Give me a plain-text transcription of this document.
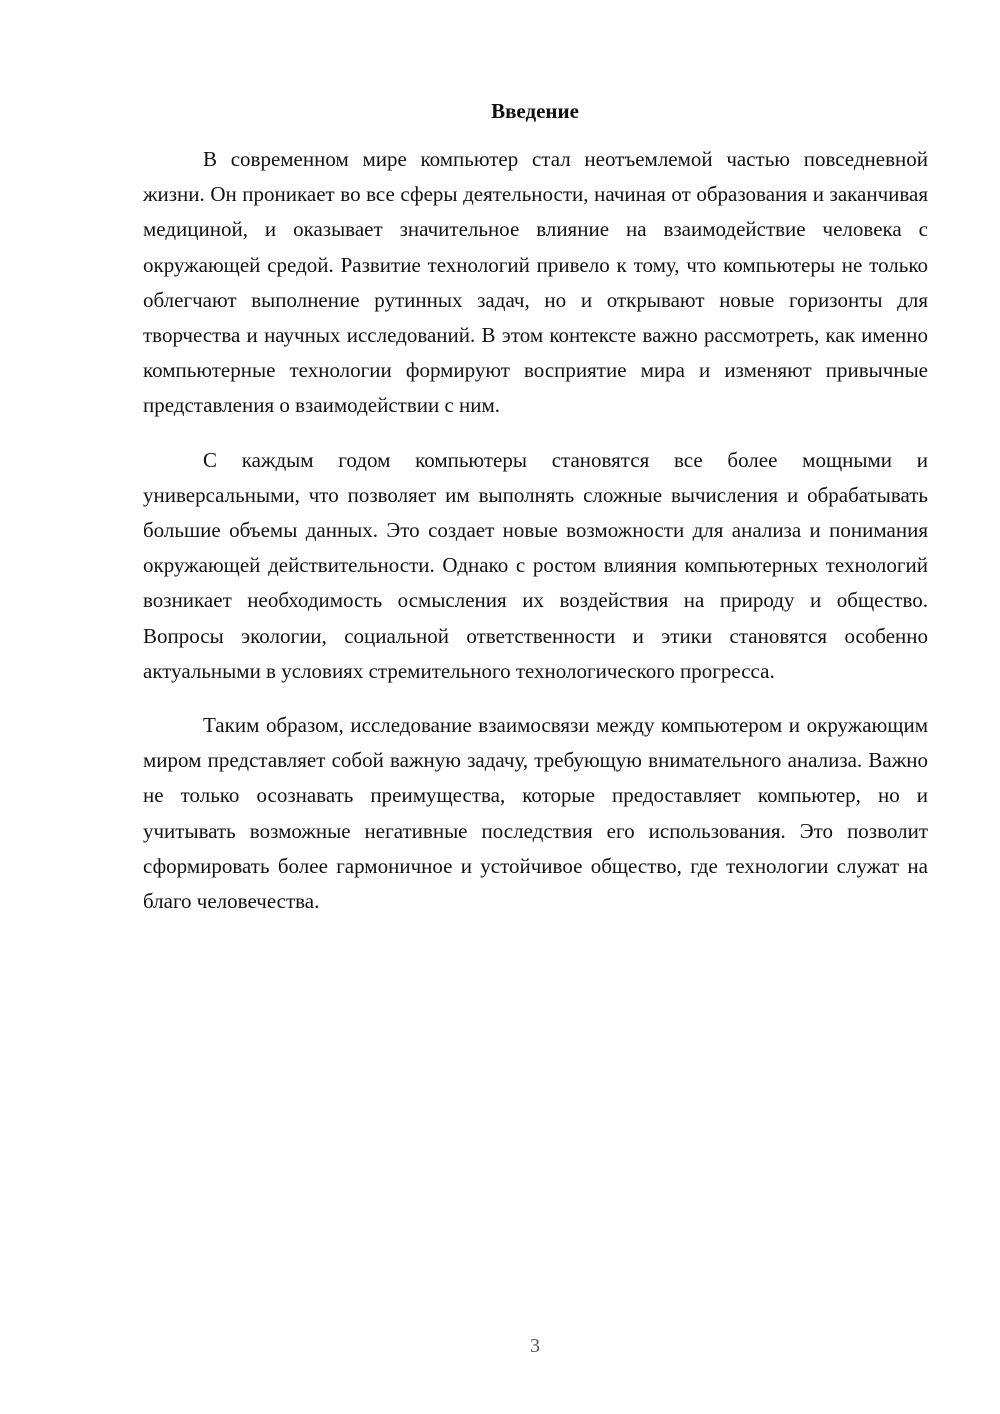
Введение

В современном мире компьютер стал неотъемлемой частью повседневной жизни. Он проникает во все сферы деятельности, начиная от образования и заканчивая медициной, и оказывает значительное влияние на взаимодействие человека с окружающей средой. Развитие технологий привело к тому, что компьютеры не только облегчают выполнение рутинных задач, но и открывают новые горизонты для творчества и научных исследований. В этом контексте важно рассмотреть, как именно компьютерные технологии формируют восприятие мира и изменяют привычные представления о взаимодействии с ним.

С каждым годом компьютеры становятся все более мощными и универсальными, что позволяет им выполнять сложные вычисления и обрабатывать большие объемы данных. Это создает новые возможности для анализа и понимания окружающей действительности. Однако с ростом влияния компьютерных технологий возникает необходимость осмысления их воздействия на природу и общество. Вопросы экологии, социальной ответственности и этики становятся особенно актуальными в условиях стремительного технологического прогресса.

Таким образом, исследование взаимосвязи между компьютером и окружающим миром представляет собой важную задачу, требующую внимательного анализа. Важно не только осознавать преимущества, которые предоставляет компьютер, но и учитывать возможные негативные последствия его использования. Это позволит сформировать более гармоничное и устойчивое общество, где технологии служат на благо человечества.

3
